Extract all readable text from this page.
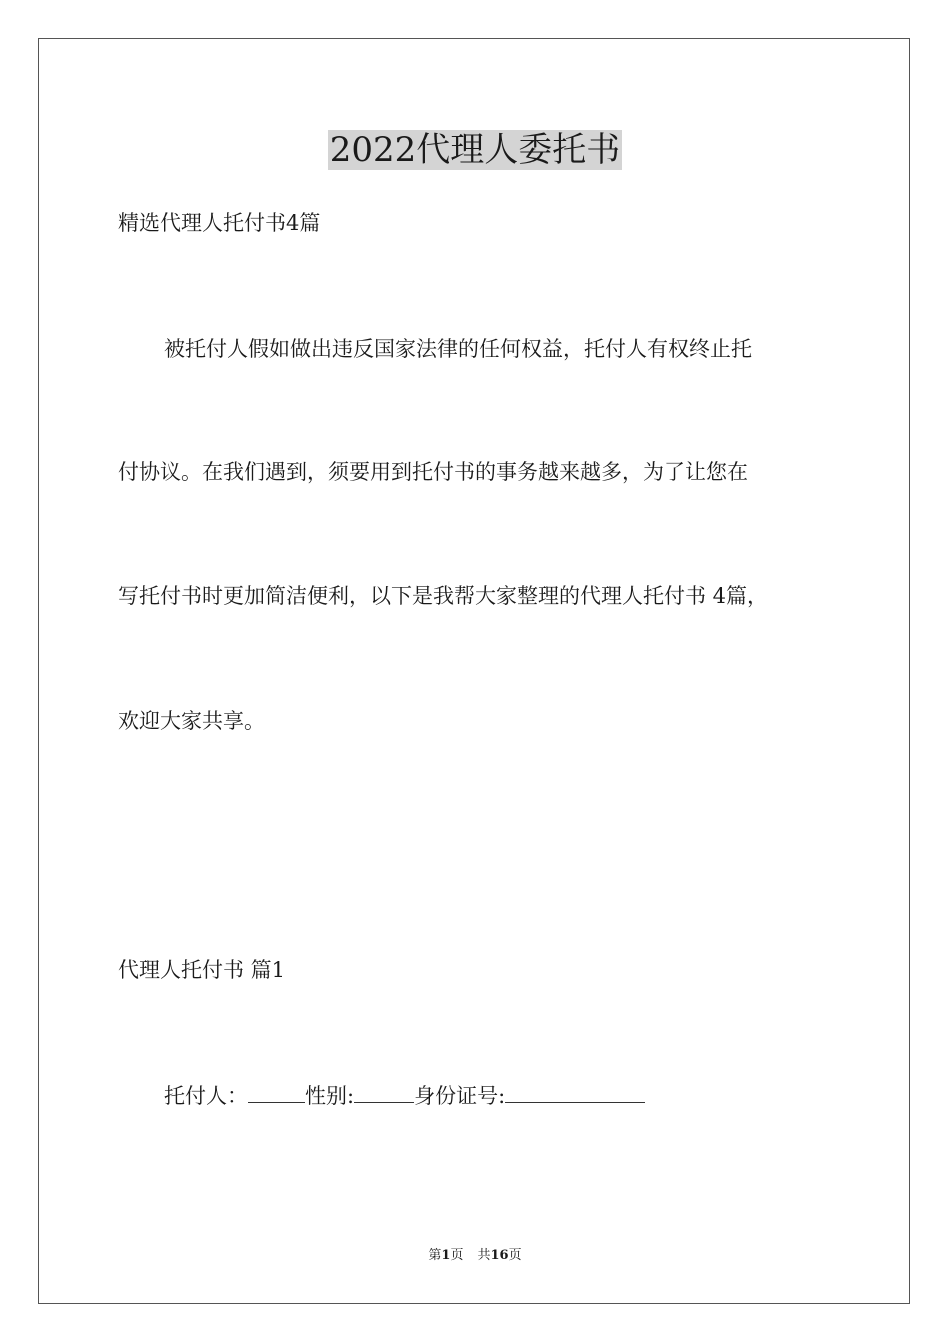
2022代理人委托书
精选代理人托付书4篇
被托付人假如做出违反国家法律的任何权益，托付人有权终止托
付协议。在我们遇到，须要用到托付书的事务越来越多，为了让您在
写托付书时更加简洁便利，以下是我帮大家整理的代理人托付书 4篇，
欢迎大家共享。
代理人托付书 篇1
托付人：	性别:	身份证号:
第1页 共16页
